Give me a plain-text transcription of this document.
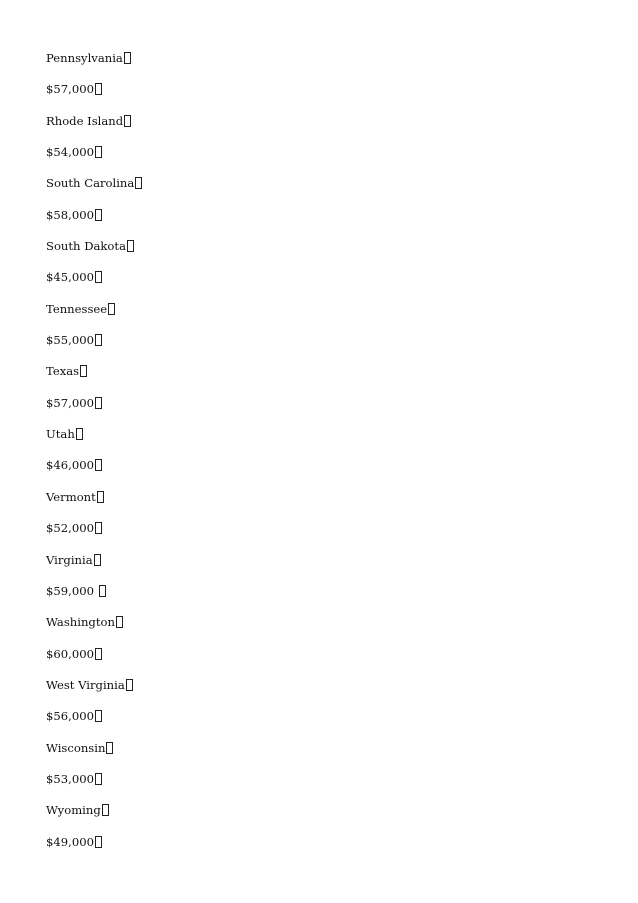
Pennsylvania
$57,000
Rhode Island
$54,000
South Carolina
$58,000
South Dakota
$45,000
Tennessee
$55,000
Texas
$57,000
Utah
$46,000
Vermont
$52,000
Virginia
$59,000
Washington
$60,000
West Virginia
$56,000
Wisconsin
$53,000
Wyoming
$49,000
